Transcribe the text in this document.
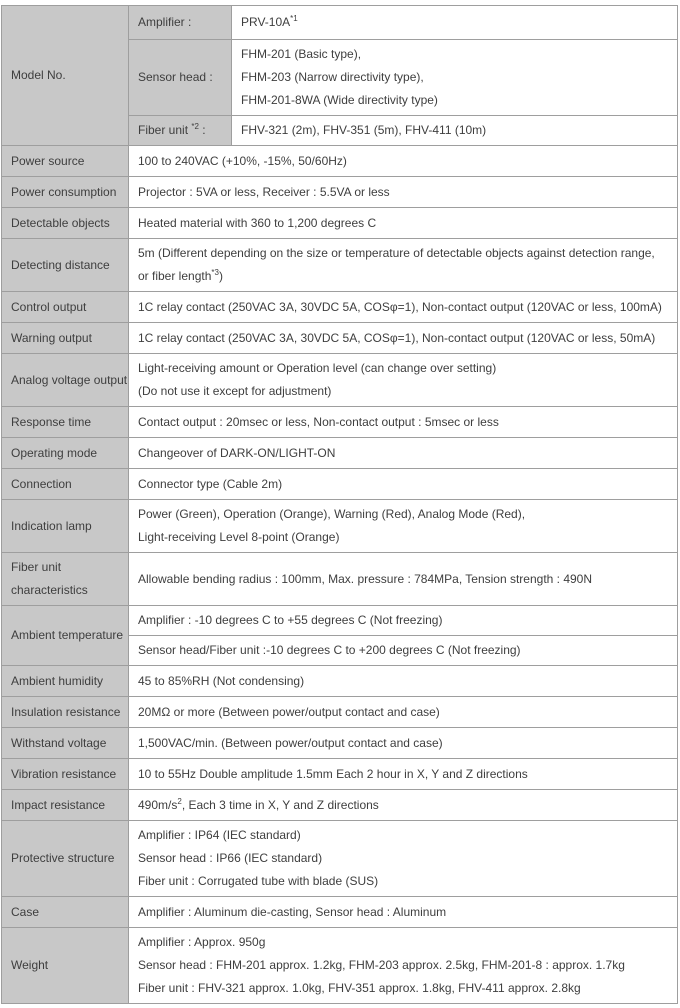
Model No.	Amplifier :	PRV-$10A^{*1}$
	Sensor head :	FHM-201 (Basic type),
FHM-203 (Narrow directivity type),
FHM-201-8WA (Wide directivity type)

	Fiber unit $^{*2}$ :	FHV-321 (2m), FHV-351 (5m), FHV-411 (10m)
Power source	100 to 240VAC (+10%, -15%, 50/60Hz)	
Power consumption	Projector : 5VA or less, Receiver : 5.5VA or less	
Detectable objects	Heated material with 360 to 1,200 degrees C	
Detecting distance	5m (Different depending on the size or temperature of detectable objects against detection range, or fiber length$^{*3}$)	
Control output	1C relay contact (250VAC 3A, 30VDC 5A, COSφ=1), Non-contact output (120VAC or less, 100mA)	
Warning output	1C relay contact (250VAC 3A, 30VDC 5A, COSφ=1), Non-contact output (120VAC or less, 50mA)	
Analog voltage output	Light-receiving amount or Operation level (can change over setting)
(Do not use it except for adjustment)	

Response time	Contact output : 20msec or less, Non-contact output : 5msec or less	
Operating mode	Changeover of DARK-ON/LIGHT-ON	
Connection	Connector type (Cable 2m)	
Indication lamp	Power (Green), Operation (Orange), Warning (Red), Analog Mode (Red),
Light-receiving Level 8-point (Orange)	

Fiber unit characteristics	Allowable bending radius : 100mm, Max. pressure : 784MPa, Tension strength : 490N	
Ambient temperature	Amplifier : -10 degrees C to +55 degrees C (Not freezing)	
	Sensor head/Fiber unit :-10 degrees C to +200 degrees C (Not freezing)	
Ambient humidity	45 to 85%RH (Not condensing)	
Insulation resistance	20MΩ or more (Between power/output contact and case)	
Withstand voltage	1,500VAC/min. (Between power/output contact and case)	
Vibration resistance	10 to 55Hz Double amplitude 1.5mm Each 2 hour in X, Y and Z directions	
Impact resistance	$490m/s^2$, Each 3 time in X, Y and Z directions	
Protective structure	Amplifier : IP64 (IEC standard)
Sensor head : IP66 (IEC standard)
Fiber unit : Corrugated tube with blade (SUS)	

Case	Amplifier : Aluminum die-casting, Sensor head : Aluminum	
Weight	Amplifier : Approx. 950g
Sensor head : FHM-201 approx. 1.2kg, FHM-203 approx. 2.5kg, FHM-201-8 : approx. 1.7kg
Fiber unit : FHV-321 approx. 1.0kg, FHV-351 approx. 1.8kg, FHV-411 approx. 2.8kg	
